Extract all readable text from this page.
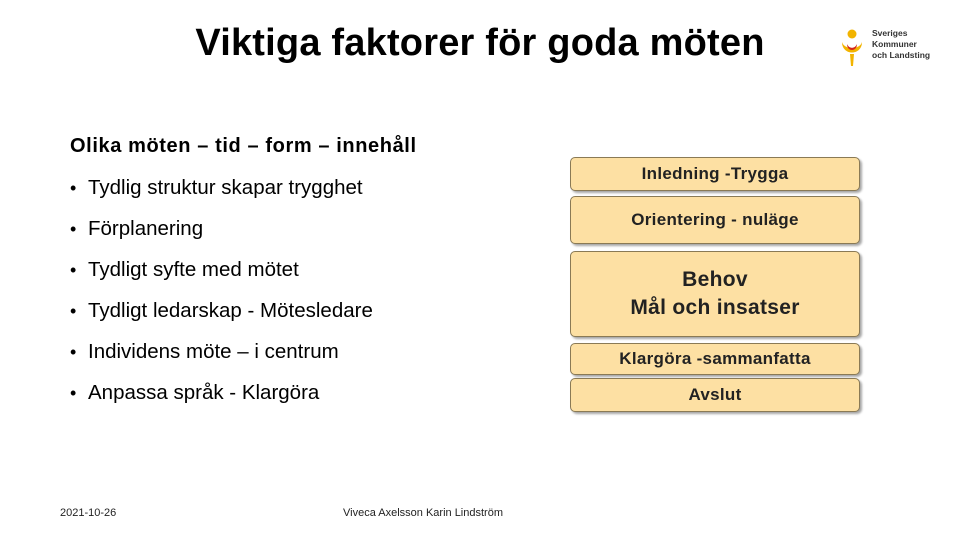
Viktiga faktorer för goda möten	Sveriges
Kommuner
och Landsting
Olika möten – tid – form – innehåll
• Tydlig struktur skapar trygghet
• Förplanering
• Tydligt syfte med mötet
• Tydligt ledarskap - Mötesledare
• Individens möte – i centrum
• Anpassa språk - Klargöra
Inledning -Trygga
Orientering - nuläge
Behov
Mål och insatser
Klargöra -sammanfatta
Avslut
2021-10-26	Viveca Axelsson Karin Lindström
